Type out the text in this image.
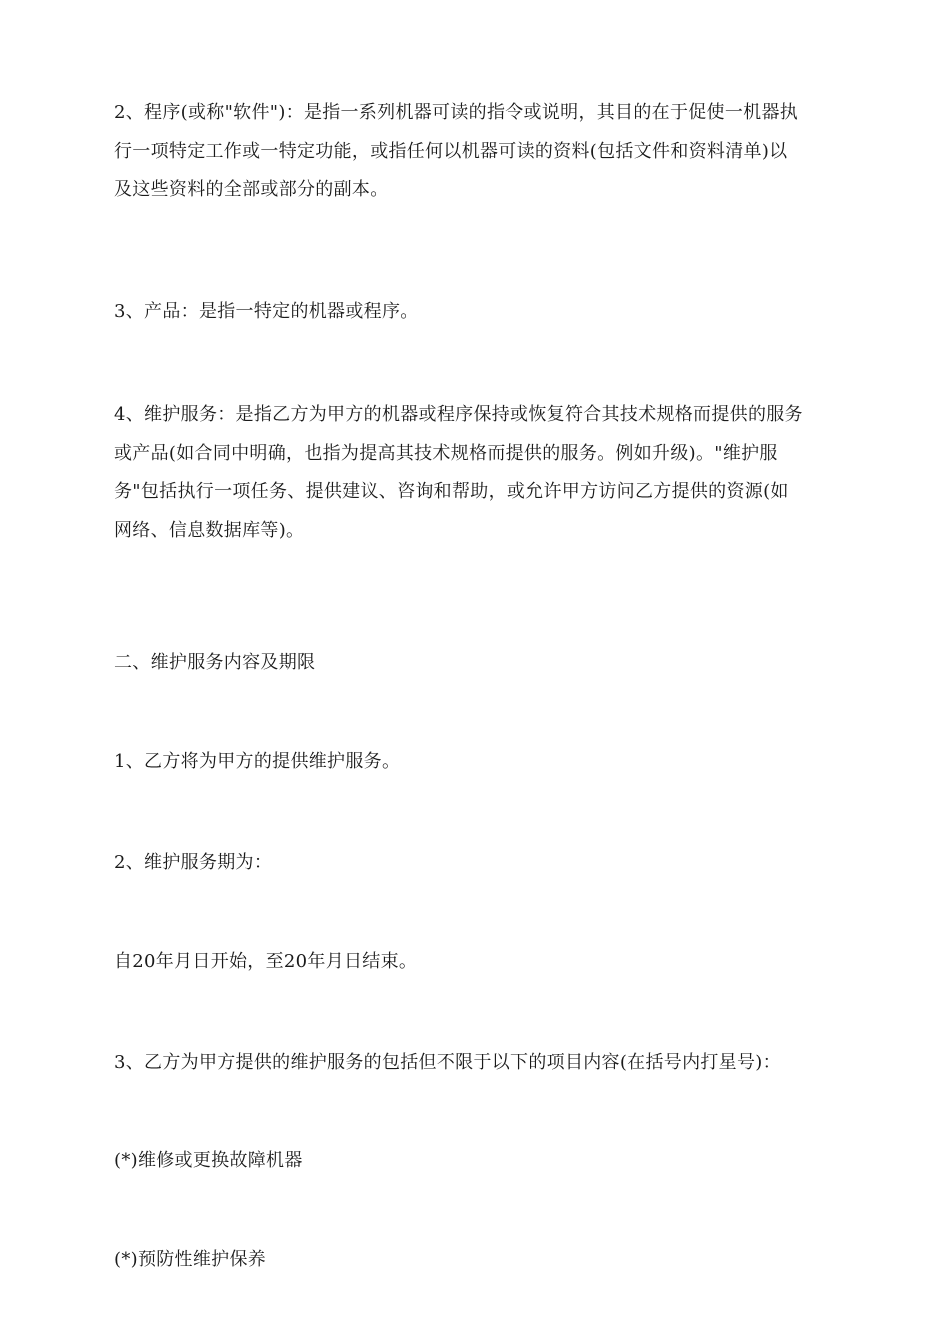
2、程序(或称"软件")：是指一系列机器可读的指令或说明，其目的在于促使一机器执
行一项特定工作或一特定功能，或指任何以机器可读的资料(包括文件和资料清单)以
及这些资料的全部或部分的副本。

3、产品：是指一特定的机器或程序。

4、维护服务：是指乙方为甲方的机器或程序保持或恢复符合其技术规格而提供的服务
或产品(如合同中明确，也指为提高其技术规格而提供的服务。例如升级)。"维护服
务"包括执行一项任务、提供建议、咨询和帮助，或允许甲方访问乙方提供的资源(如
网络、信息数据库等)。

二、维护服务内容及期限

1、乙方将为甲方的提供维护服务。

2、维护服务期为：

自20年月日开始，至20年月日结束。

3、乙方为甲方提供的维护服务的包括但不限于以下的项目内容(在括号内打星号)：

(*)维修或更换故障机器

(*)预防性维护保养
